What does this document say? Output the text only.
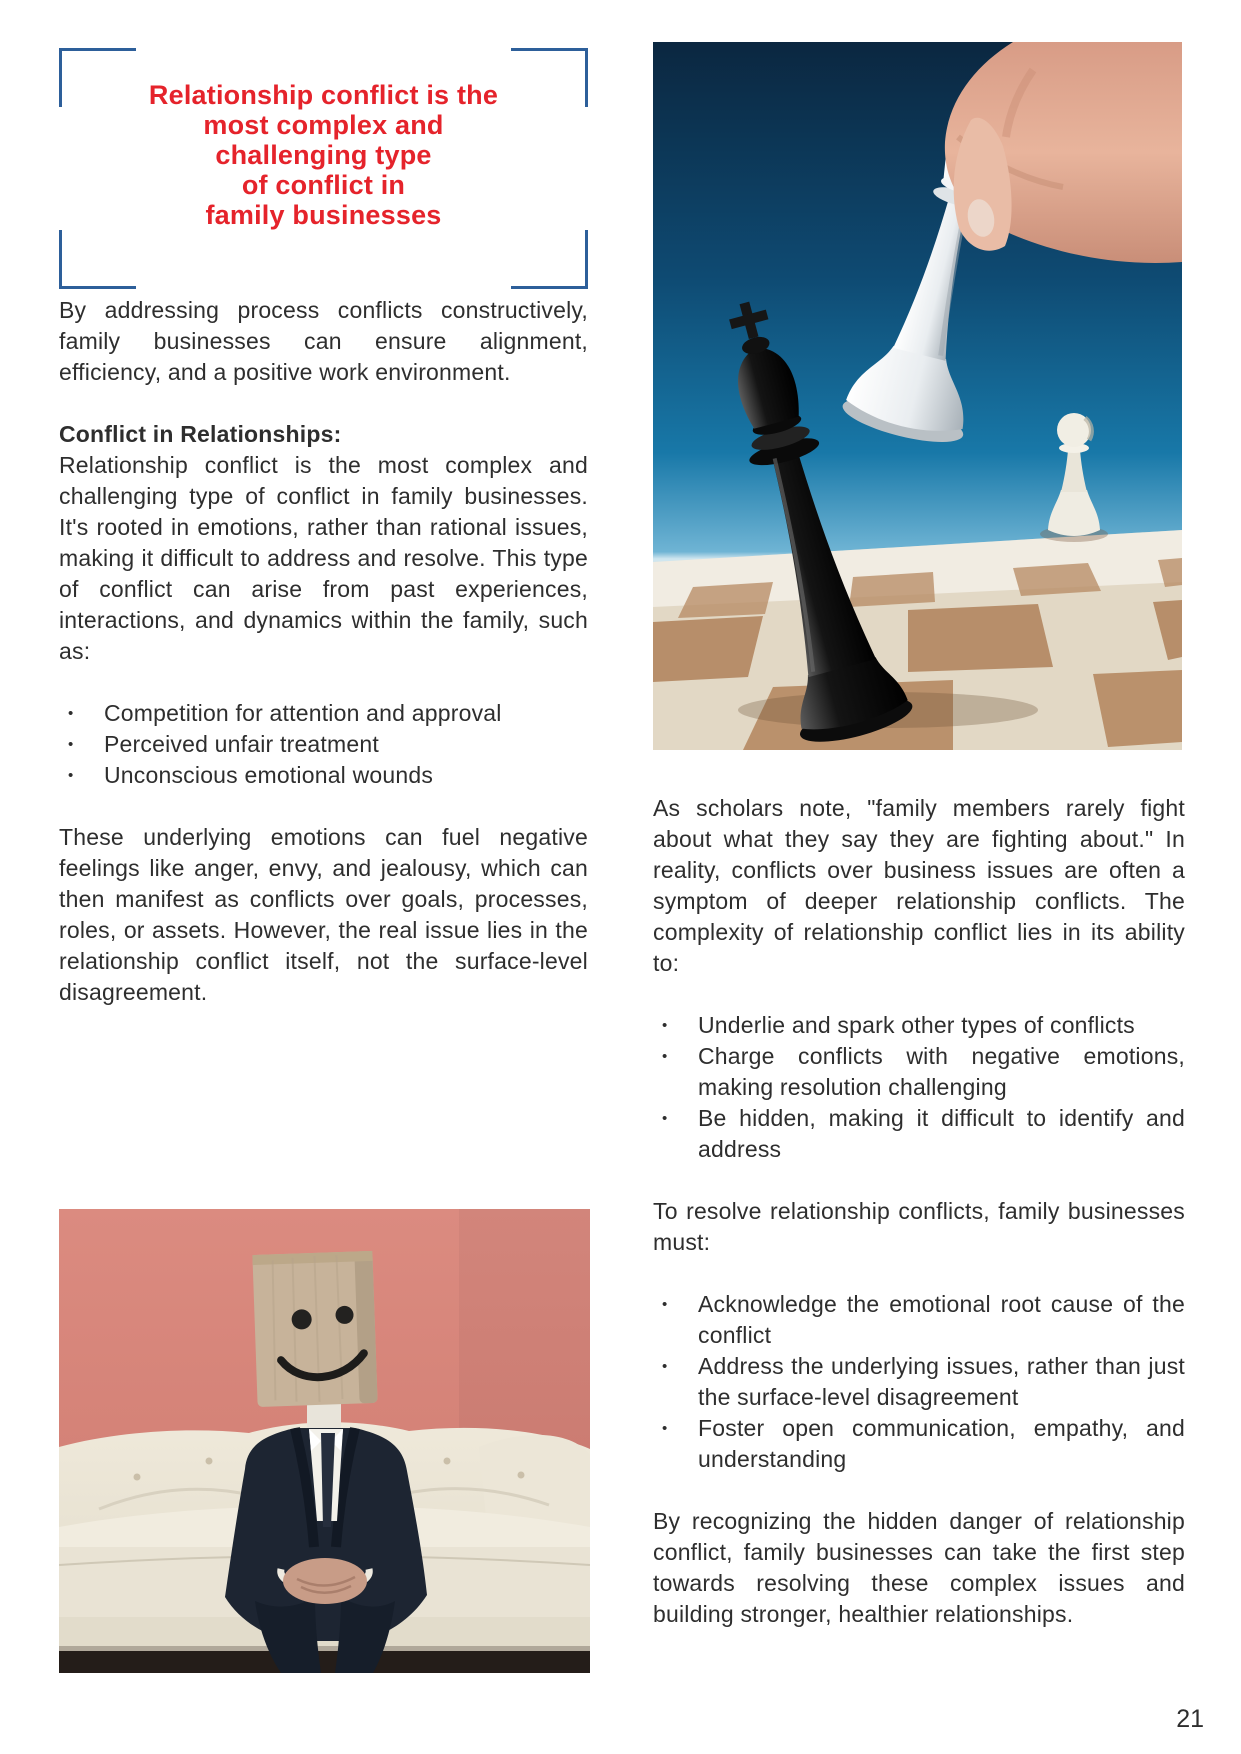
Relationship conflict is the
most complex and
challenging type
of conflict in
family businesses

By addressing process conflicts constructively, family businesses can ensure alignment, efficiency, and a positive work environment.

Conflict in Relationships:

Relationship conflict is the most complex and challenging type of conflict in family businesses. It's rooted in emotions, rather than rational issues, making it difficult to address and resolve. This type of conflict can arise from past experiences, interactions, and dynamics within the family, such as:

• Competition for attention and approval
• Perceived unfair treatment
• Unconscious emotional wounds

These underlying emotions can fuel negative feelings like anger, envy, and jealousy, which can then manifest as conflicts over goals, processes, roles, or assets. However, the real issue lies in the relationship conflict itself, not the surface-level disagreement.

As scholars note, "family members rarely fight about what they say they are fighting about." In reality, conflicts over business issues are often a symptom of deeper relationship conflicts. The complexity of relationship conflict lies in its ability to:

• Underlie and spark other types of conflicts
• Charge conflicts with negative emotions, making resolution challenging
• Be hidden, making it difficult to identify and address

To resolve relationship conflicts, family businesses must:

• Acknowledge the emotional root cause of the conflict
• Address the underlying issues, rather than just the surface-level disagreement
• Foster open communication, empathy, and understanding

By recognizing the hidden danger of relationship conflict, family businesses can take the first step towards resolving these complex issues and building stronger, healthier relationships.

21
